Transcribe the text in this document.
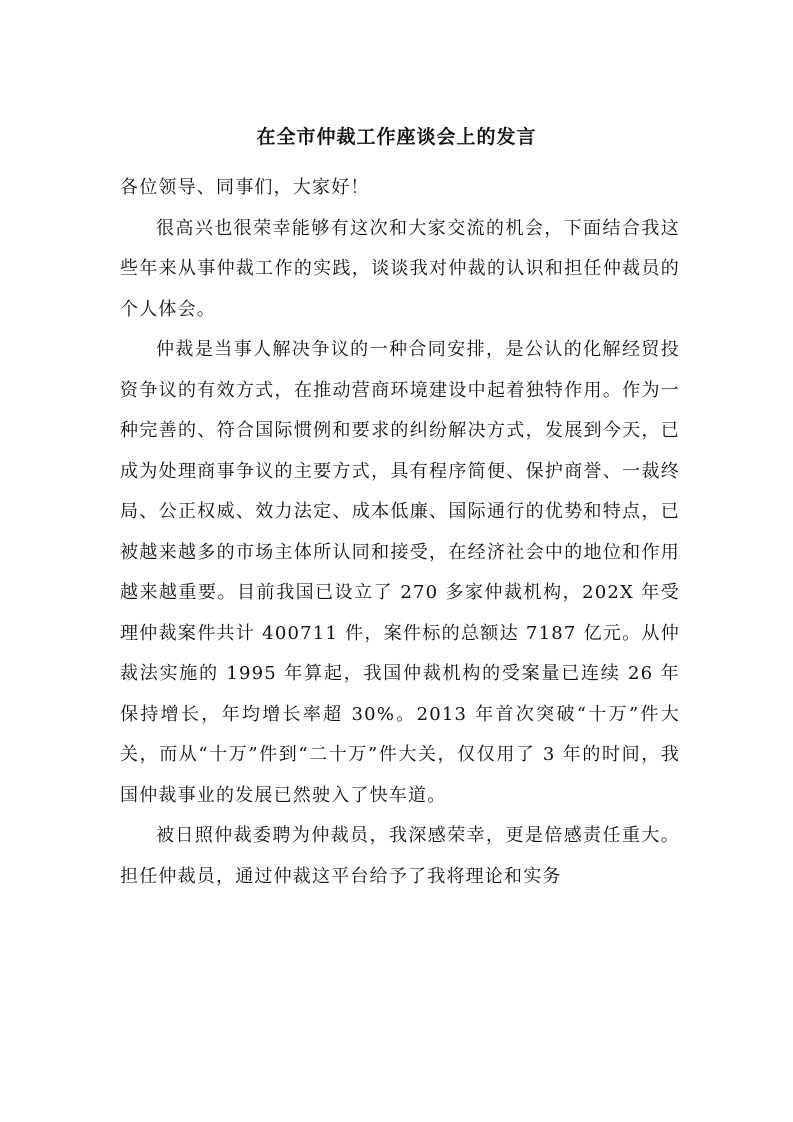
在全市仲裁工作座谈会上的发言

各位领导、同事们，大家好！

很高兴也很荣幸能够有这次和大家交流的机会，下面结合我这些年来从事仲裁工作的实践，谈谈我对仲裁的认识和担任仲裁员的个人体会。

仲裁是当事人解决争议的一种合同安排，是公认的化解经贸投资争议的有效方式，在推动营商环境建设中起着独特作用。作为一种完善的、符合国际惯例和要求的纠纷解决方式，发展到今天，已成为处理商事争议的主要方式，具有程序简便、保护商誉、一裁终局、公正权威、效力法定、成本低廉、国际通行的优势和特点，已被越来越多的市场主体所认同和接受，在经济社会中的地位和作用越来越重要。目前我国已设立了 270 多家仲裁机构，202X 年受理仲裁案件共计 400711 件，案件标的总额达 7187 亿元。从仲裁法实施的 1995 年算起，我国仲裁机构的受案量已连续 26 年保持增长，年均增长率超 30%。2013 年首次突破“十万”件大关，而从“十万”件到“二十万”件大关，仅仅用了 3 年的时间，我国仲裁事业的发展已然驶入了快车道。

被日照仲裁委聘为仲裁员，我深感荣幸，更是倍感责任重大。担任仲裁员，通过仲裁这平台给予了我将理论和实务
